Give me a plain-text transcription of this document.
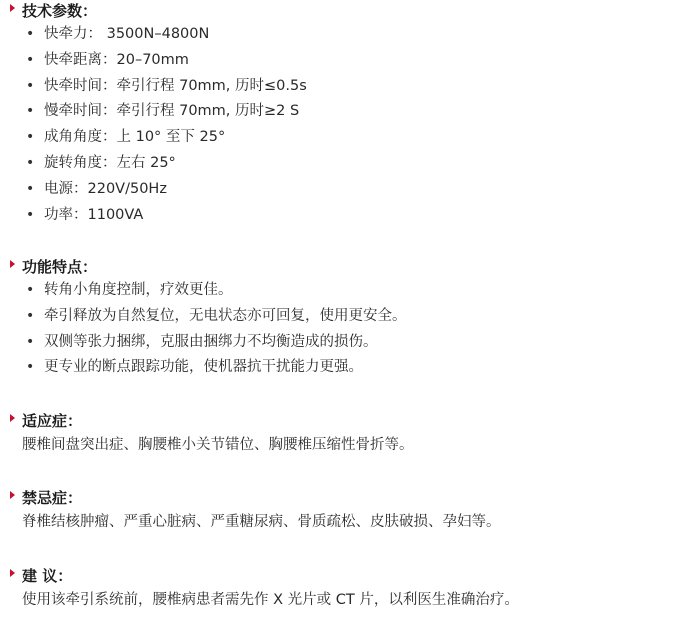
技术参数：
• 快牵力： 3500N–4800N
• 快牵距离：20–70mm
• 快牵时间：牵引行程 70mm, 历时≤0.5s
• 慢牵时间：牵引行程 70mm, 历时≥2 S
• 成角角度：上 10° 至下 25°
• 旋转角度：左右 25°
• 电源：220V/50Hz
• 功率：1100VA
功能特点：
• 转角小角度控制，疗效更佳。
• 牵引释放为自然复位，无电状态亦可回复，使用更安全。
• 双侧等张力捆绑，克服由捆绑力不均衡造成的损伤。
• 更专业的断点跟踪功能，使机器抗干扰能力更强。
适应症：
腰椎间盘突出症、胸腰椎小关节错位、胸腰椎压缩性骨折等。
禁忌症：
脊椎结核肿瘤、严重心脏病、严重糖尿病、骨质疏松、皮肤破损、孕妇等。
建 议：
使用该牵引系统前，腰椎病患者需先作 X 光片或 CT 片，以利医生准确治疗。
